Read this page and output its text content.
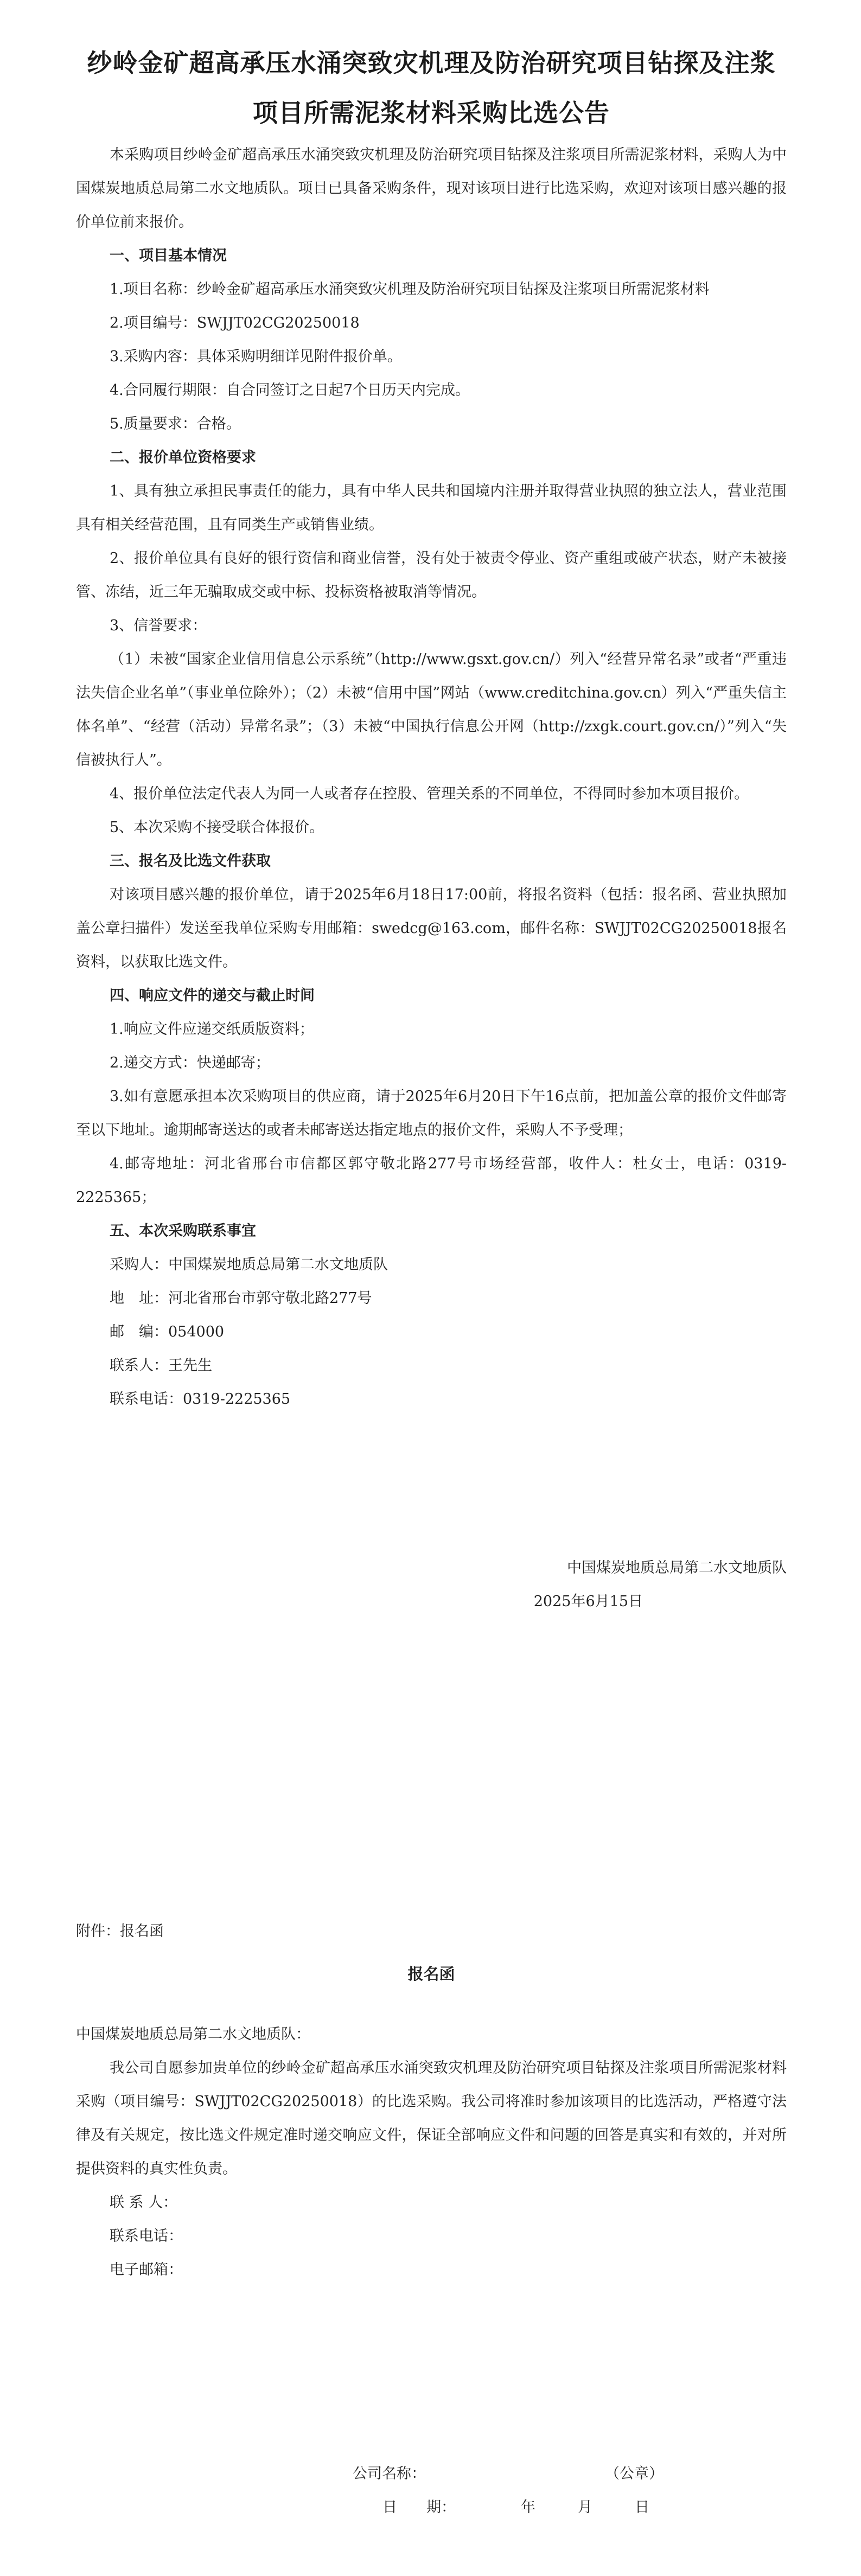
纱岭金矿超高承压水涌突致灾机理及防治研究项目钻探及注浆项目所需泥浆材料采购比选公告

本采购项目纱岭金矿超高承压水涌突致灾机理及防治研究项目钻探及注浆项目所需泥浆材料，采购人为中国煤炭地质总局第二水文地质队。项目已具备采购条件，现对该项目进行比选采购，欢迎对该项目感兴趣的报价单位前来报价。

一、项目基本情况

1.项目名称：纱岭金矿超高承压水涌突致灾机理及防治研究项目钻探及注浆项目所需泥浆材料

2.项目编号：SWJJT02CG20250018

3.采购内容：具体采购明细详见附件报价单。

4.合同履行期限：自合同签订之日起7个日历天内完成。

5.质量要求：合格。

二、报价单位资格要求

1、具有独立承担民事责任的能力，具有中华人民共和国境内注册并取得营业执照的独立法人，营业范围具有相关经营范围，且有同类生产或销售业绩。

2、报价单位具有良好的银行资信和商业信誉，没有处于被责令停业、资产重组或破产状态，财产未被接管、冻结，近三年无骗取成交或中标、投标资格被取消等情况。

3、信誉要求：

（1）未被“国家企业信用信息公示系统”（http://www.gsxt.gov.cn/）列入“经营异常名录”或者“严重违法失信企业名单”（事业单位除外）；（2）未被“信用中国”网站（www.creditchina.gov.cn）列入“严重失信主体名单”、“经营（活动）异常名录”；（3）未被“中国执行信息公开网（http://zxgk.court.gov.cn/）”列入“失信被执行人”。

4、报价单位法定代表人为同一人或者存在控股、管理关系的不同单位，不得同时参加本项目报价。

5、本次采购不接受联合体报价。

三、报名及比选文件获取

对该项目感兴趣的报价单位，请于2025年6月18日17:00前，将报名资料（包括：报名函、营业执照加盖公章扫描件）发送至我单位采购专用邮箱：swedcg@163.com，邮件名称：SWJJT02CG20250018报名资料，以获取比选文件。

四、响应文件的递交与截止时间

1.响应文件应递交纸质版资料；

2.递交方式：快递邮寄；

3.如有意愿承担本次采购项目的供应商，请于2025年6月20日下午16点前，把加盖公章的报价文件邮寄至以下地址。逾期邮寄送达的或者未邮寄送达指定地点的报价文件，采购人不予受理；

4.邮寄地址：河北省邢台市信都区郭守敬北路277号市场经营部，收件人：杜女士，电话：0319-2225365；

五、本次采购联系事宜

采购人：中国煤炭地质总局第二水文地质队

地　址：河北省邢台市郭守敬北路277号

邮　编：054000

联系人：王先生

联系电话：0319-2225365

中国煤炭地质总局第二水文地质队
2025年6月15日
附件：报名函
报名函

中国煤炭地质总局第二水文地质队：

我公司自愿参加贵单位的纱岭金矿超高承压水涌突致灾机理及防治研究项目钻探及注浆项目所需泥浆材料采购（项目编号：SWJJT02CG20250018）的比选采购。我公司将准时参加该项目的比选活动，严格遵守法律及有关规定，按比选文件规定准时递交响应文件，保证全部响应文件和问题的回答是真实和有效的，并对所提供资料的真实性负责。

联 系 人：

联系电话：

电子邮箱：

公司名称：	（公章）
日　　期：	年	月	日
